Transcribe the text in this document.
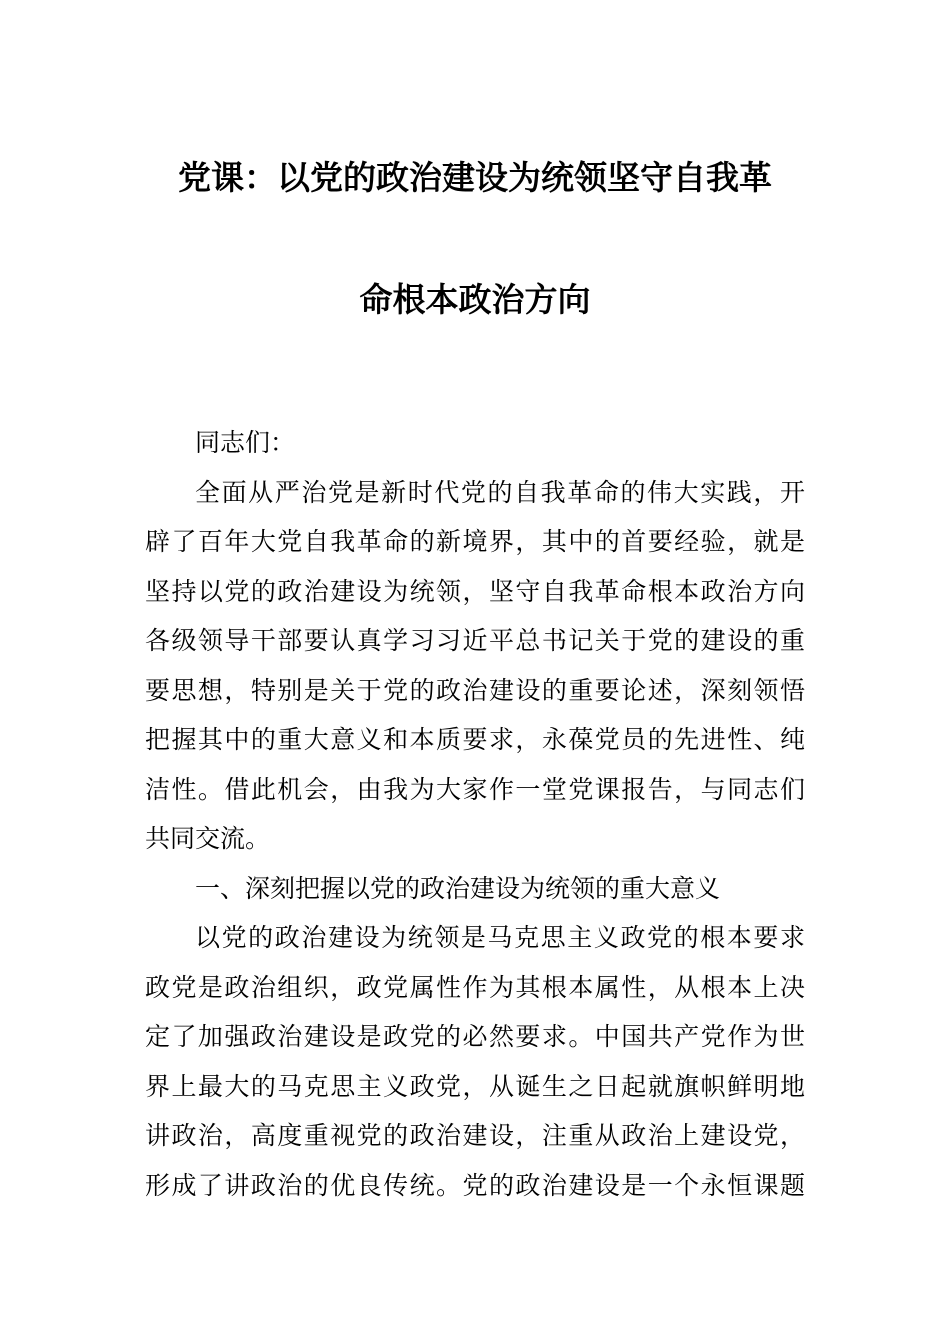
党课：以党的政治建设为统领坚守自我革
命根本政治方向
同志们：
全面从严治党是新时代党的自我革命的伟大实践，开
辟了百年大党自我革命的新境界，其中的首要经验，就是
坚持以党的政治建设为统领，坚守自我革命根本政治方向
各级领导干部要认真学习习近平总书记关于党的建设的重
要思想，特别是关于党的政治建设的重要论述，深刻领悟
把握其中的重大意义和本质要求，永葆党员的先进性、纯
洁性。借此机会，由我为大家作一堂党课报告，与同志们
共同交流。
一、深刻把握以党的政治建设为统领的重大意义
以党的政治建设为统领是马克思主义政党的根本要求
政党是政治组织，政党属性作为其根本属性，从根本上决
定了加强政治建设是政党的必然要求。中国共产党作为世
界上最大的马克思主义政党，从诞生之日起就旗帜鲜明地
讲政治，高度重视党的政治建设，注重从政治上建设党，
形成了讲政治的优良传统。党的政治建设是一个永恒课题
